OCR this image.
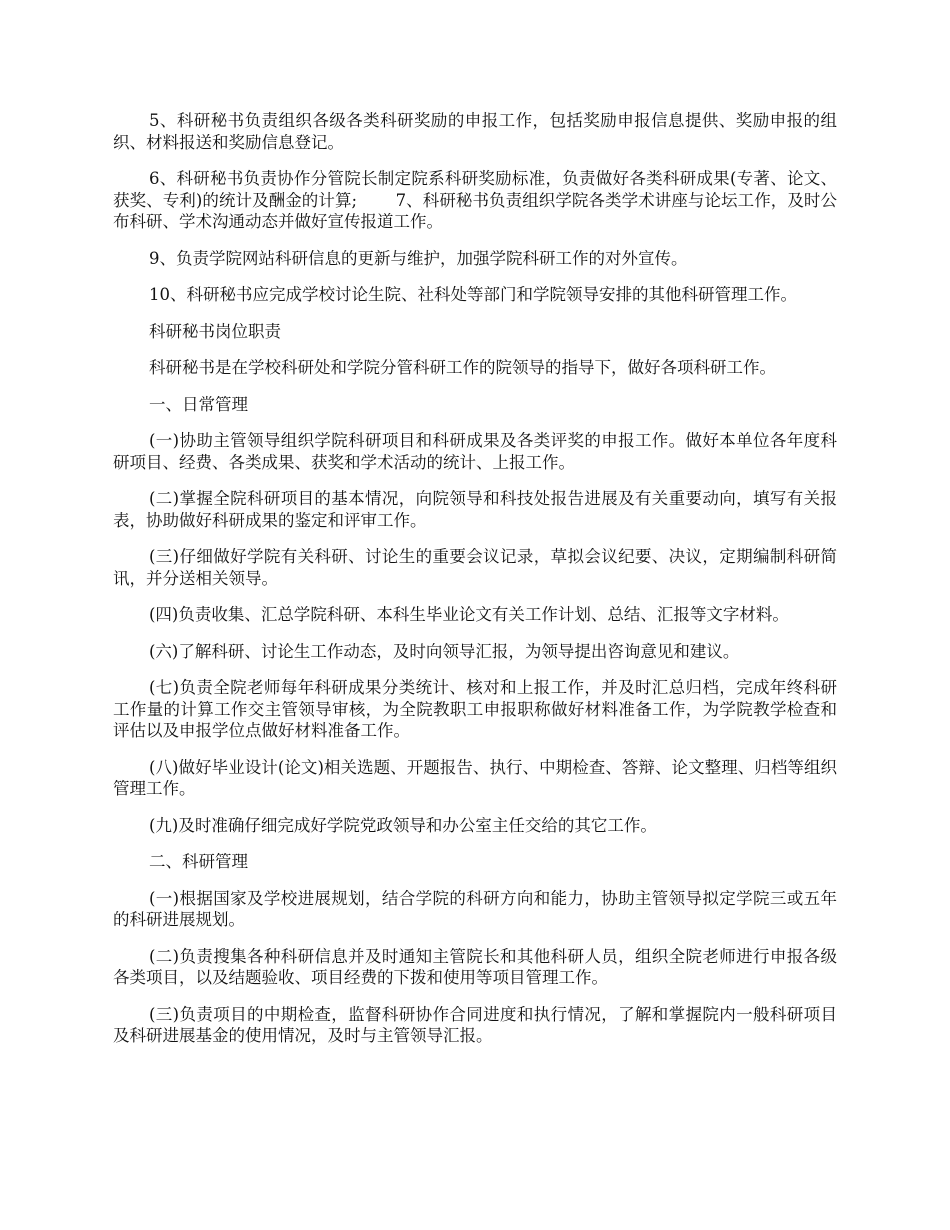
5、科研秘书负责组织各级各类科研奖励的申报工作，包括奖励申报信息提供、奖励申报的组织、材料报送和奖励信息登记。

6、科研秘书负责协作分管院长制定院系科研奖励标准，负责做好各类科研成果(专著、论文、获奖、专利)的统计及酬金的计算;　　 7、科研秘书负责组织学院各类学术讲座与论坛工作，及时公布科研、学术沟通动态并做好宣传报道工作。

9、负责学院网站科研信息的更新与维护，加强学院科研工作的对外宣传。

10、科研秘书应完成学校讨论生院、社科处等部门和学院领导安排的其他科研管理工作。

科研秘书岗位职责

科研秘书是在学校科研处和学院分管科研工作的院领导的指导下，做好各项科研工作。

一、日常管理

(一)协助主管领导组织学院科研项目和科研成果及各类评奖的申报工作。做好本单位各年度科研项目、经费、各类成果、获奖和学术活动的统计、上报工作。

(二)掌握全院科研项目的基本情况，向院领导和科技处报告进展及有关重要动向，填写有关报表，协助做好科研成果的鉴定和评审工作。

(三)仔细做好学院有关科研、讨论生的重要会议记录，草拟会议纪要、决议，定期编制科研简讯，并分送相关领导。

(四)负责收集、汇总学院科研、本科生毕业论文有关工作计划、总结、汇报等文字材料。

(六)了解科研、讨论生工作动态，及时向领导汇报，为领导提出咨询意见和建议。

(七)负责全院老师每年科研成果分类统计、核对和上报工作，并及时汇总归档，完成年终科研工作量的计算工作交主管领导审核，为全院教职工申报职称做好材料准备工作，为学院教学检查和评估以及申报学位点做好材料准备工作。

(八)做好毕业设计(论文)相关选题、开题报告、执行、中期检查、答辩、论文整理、归档等组织管理工作。

(九)及时准确仔细完成好学院党政领导和办公室主任交给的其它工作。

二、科研管理

(一)根据国家及学校进展规划，结合学院的科研方向和能力，协助主管领导拟定学院三或五年的科研进展规划。

(二)负责搜集各种科研信息并及时通知主管院长和其他科研人员，组织全院老师进行申报各级各类项目，以及结题验收、项目经费的下拨和使用等项目管理工作。

(三)负责项目的中期检查，监督科研协作合同进度和执行情况，了解和掌握院内一般科研项目及科研进展基金的使用情况，及时与主管领导汇报。
